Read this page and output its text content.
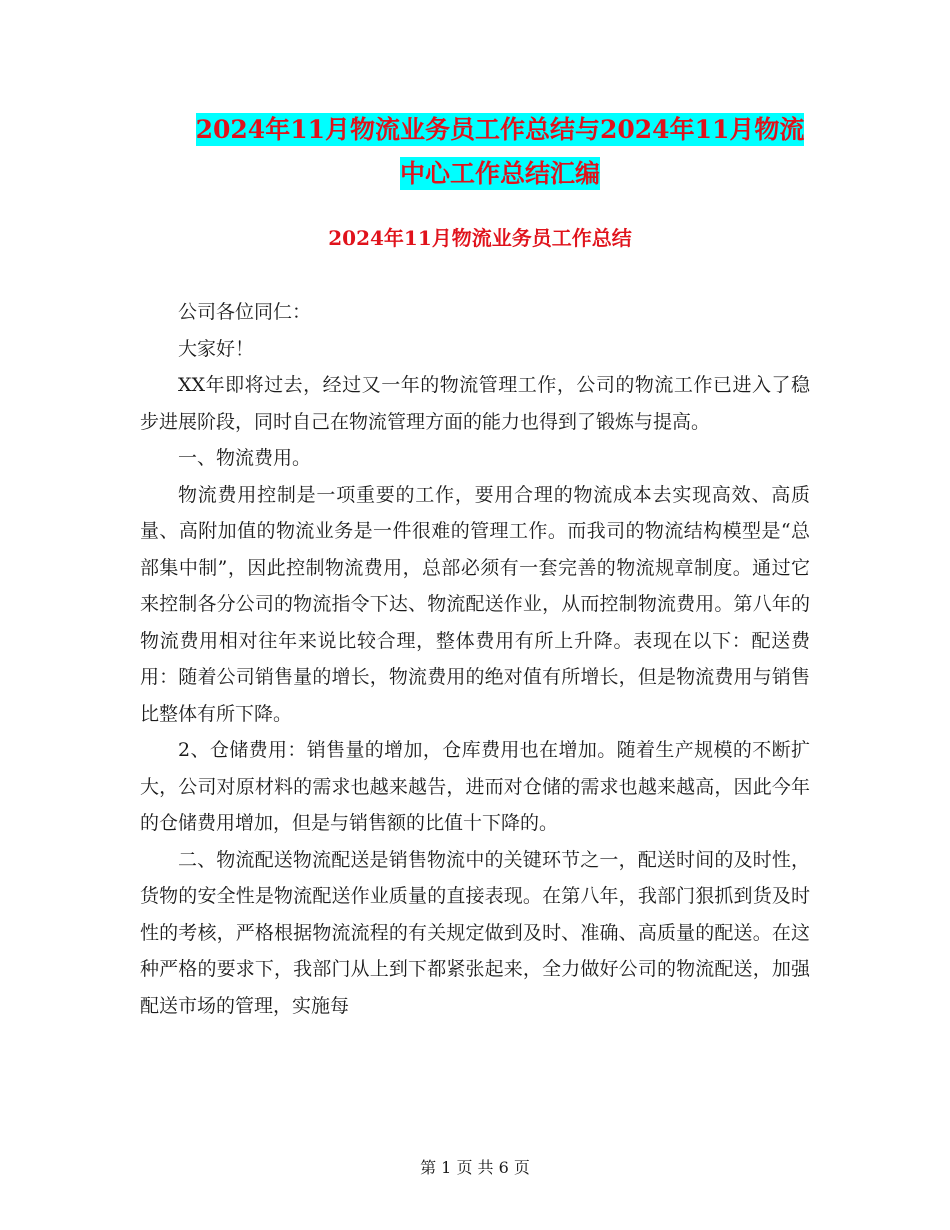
2024年11月物流业务员工作总结与2024年11月物流
中心工作总结汇编
2024年11月物流业务员工作总结

公司各位同仁：

大家好！

XX年即将过去，经过又一年的物流管理工作，公司的物流工作已进入了稳步进展阶段，同时自己在物流管理方面的能力也得到了锻炼与提高。

一、物流费用。

物流费用控制是一项重要的工作，要用合理的物流成本去实现高效、高质量、高附加值的物流业务是一件很难的管理工作。而我司的物流结构模型是“总部集中制”，因此控制物流费用，总部必须有一套完善的物流规章制度。通过它来控制各分公司的物流指令下达、物流配送作业，从而控制物流费用。第八年的物流费用相对往年来说比较合理，整体费用有所上升降。表现在以下：配送费用：随着公司销售量的增长，物流费用的绝对值有所增长，但是物流费用与销售比整体有所下降。

2、仓储费用：销售量的增加，仓库费用也在增加。随着生产规模的不断扩大，公司对原材料的需求也越来越告，进而对仓储的需求也越来越高，因此今年的仓储费用增加，但是与销售额的比值十下降的。

二、物流配送物流配送是销售物流中的关键环节之一，配送时间的及时性，货物的安全性是物流配送作业质量的直接表现。在第八年，我部门狠抓到货及时性的考核，严格根据物流流程的有关规定做到及时、准确、高质量的配送。在这种严格的要求下，我部门从上到下都紧张起来，全力做好公司的物流配送，加强配送市场的管理，实施每

第 1 页 共 6 页
